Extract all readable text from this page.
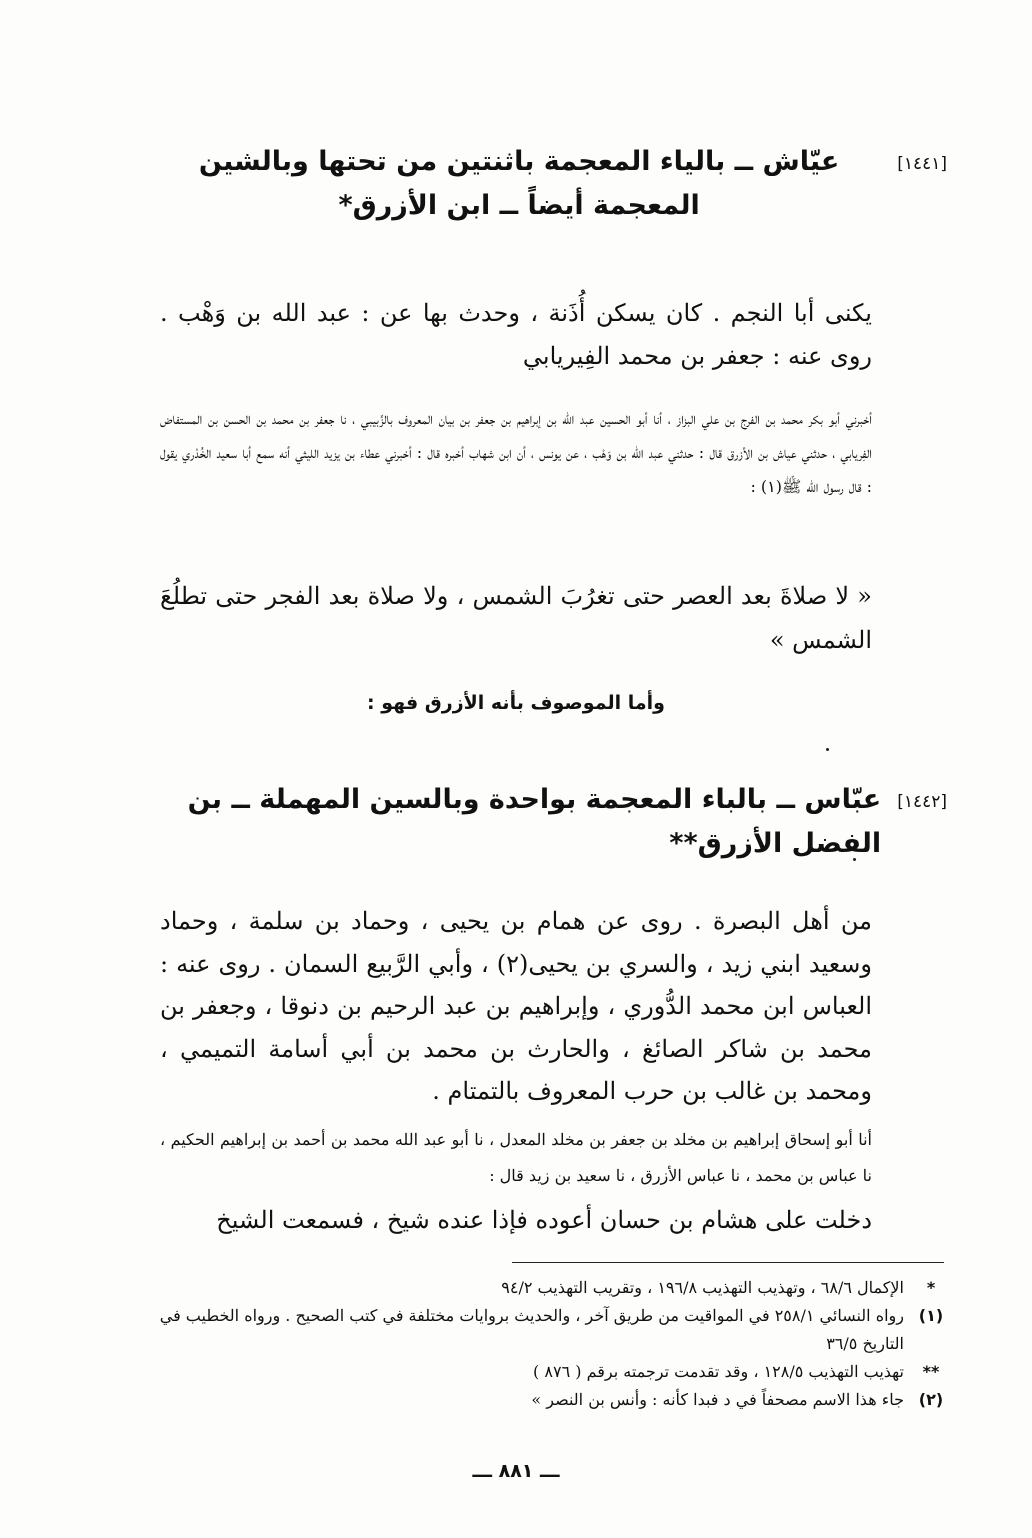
[١٤٤١]
عيّاش ــ بالياء المعجمة باثنتين من تحتها وبالشين المعجمة أيضاً ــ ابن الأزرق*
يكنى أبا النجم . كان يسكن أُذَنة ، وحدث بها عن : عبد الله بن وَهْب . روى عنه : جعفر بن محمد الفِيريابي
أخبرني أبو بكر محمد بن الفرج بن علي البزاز ، أنا أبو الحسين عبد الله بن إبراهيم بن جعفر بن بيان المعروف بالزِّبيبي ، نا جعفر بن محمد بن الحسن بن المستفاض الفِريابي ، حدثني عياش بن الأزرق قال : حدثني عبد الله بن وَهْب ، عن يونس ، أن ابن شهاب أخبره قال : أخبرني عطاء بن يزيد الليثي أنه سمع أبا سعيد الخُدْري يقول : قال رسول الله ﷺ(١) :
« لا صلاةَ بعد العصر حتى تغرُبَ الشمس ، ولا صلاة بعد الفجر حتى تطلُعَ الشمس »
وأما الموصوف بأنه الأزرق فهو :
[١٤٤٢]
عبّاس ــ بالباء المعجمة بواحدة وبالسين المهملة ــ بن الفضل الأزرق**
من أهل البصرة . روى عن همام بن يحيى ، وحماد بن سلمة ، وحماد وسعيد ابني زيد ، والسري بن يحيى(٢) ، وأبي الرَّبيع السمان . روى عنه : العباس ابن محمد الدُّوري ، وإبراهيم بن عبد الرحيم بن دنوقا ، وجعفر بن محمد بن شاكر الصائغ ، والحارث بن محمد بن أبي أسامة التميمي ، ومحمد بن غالب بن حرب المعروف بالتمتام .
أنا أبو إسحاق إبراهيم بن مخلد بن جعفر بن مخلد المعدل ، نا أبو عبد الله محمد بن أحمد بن إبراهيم الحكيم ، نا عباس بن محمد ، نا عباس الأزرق ، نا سعيد بن زيد قال :
دخلت على هشام بن حسان أعوده فإذا عنده شيخ ، فسمعت الشيخ
*
الإكمال ٦٨/٦ ، وتهذيب التهذيب ١٩٦/٨ ، وتقريب التهذيب ٩٤/٢
(١)
رواه النسائي ٢٥٨/١ في المواقيت من طريق آخر ، والحديث بروايات مختلفة في كتب الصحيح . ورواه الخطيب في التاريخ ٣٦/٥
**
تهذيب التهذيب ١٢٨/٥ ، وقد تقدمت ترجمته برقم ( ٨٧٦ )
(٢)
جاء هذا الاسم مصحفاً في د فبدا كأنه : وأنس بن النصر »
ـــ ٨٨١ ـــ
